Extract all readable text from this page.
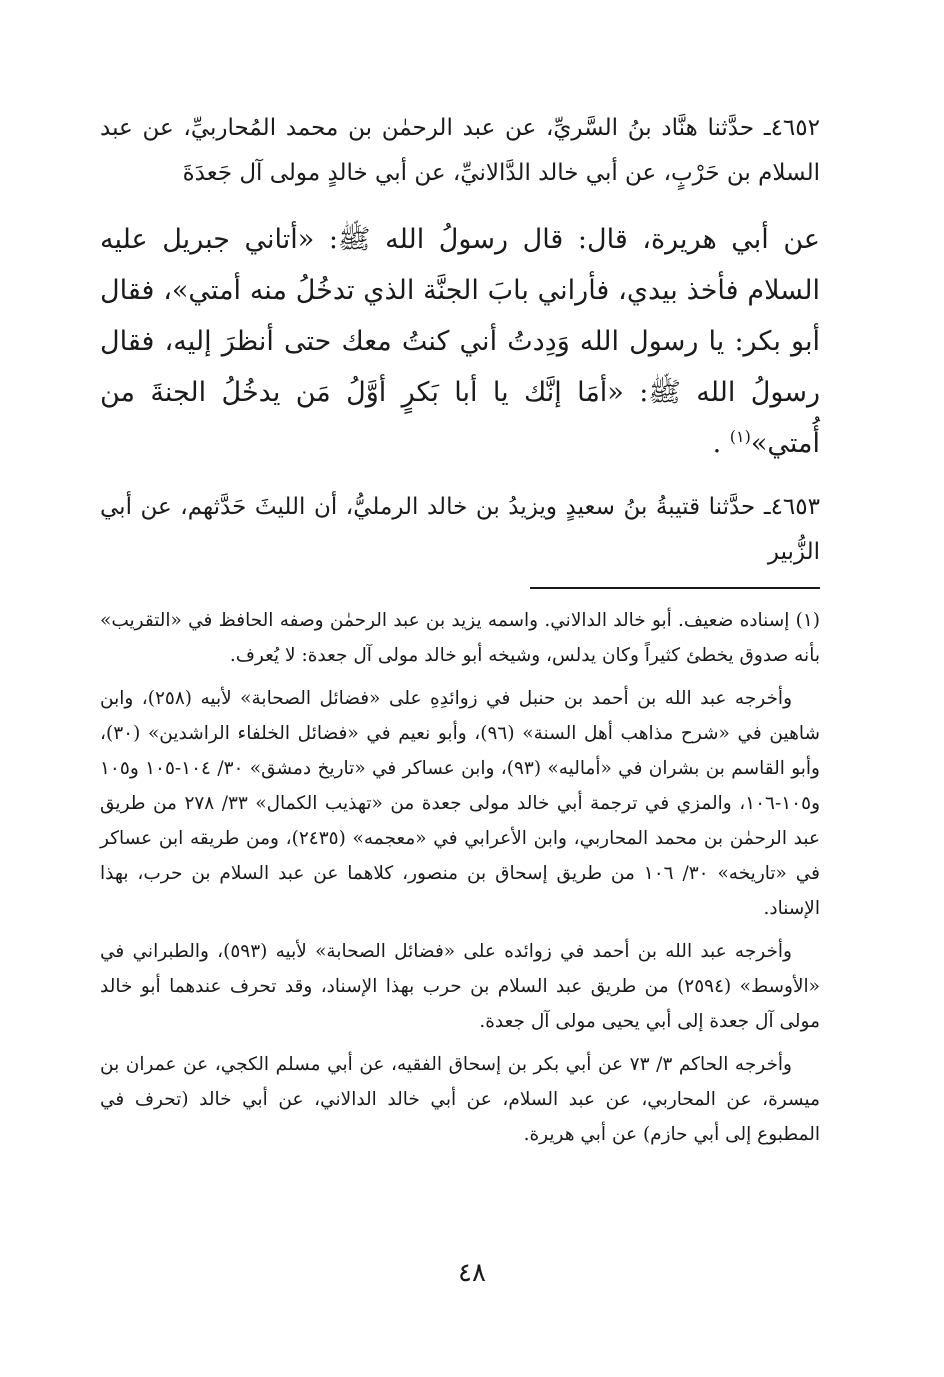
٤٦٥٢ـ حدَّثنا هنَّاد بنُ السَّريِّ، عن عبد الرحمٰن بن محمد المُحاربيِّ، عن عبد السلام بن حَرْبٍ، عن أبي خالد الدَّالانيِّ، عن أبي خالدٍ مولى آل جَعدَةَ

عن أبي هريرة، قال: قال رسولُ الله ﷺ: «أتاني جبريل عليه السلام فأخذ بيدي، فأراني بابَ الجنَّة الذي تدخُلُ منه أمتي»، فقال أبو بكر: يا رسول الله وَدِدتُ أني كنتُ معك حتى أنظرَ إليه، فقال رسولُ الله ﷺ: «أمَا إنَّك يا أبا بَكرٍ أوَّلُ مَن يدخُلُ الجنةَ من أُمتي»$^{(١)}$ .

٤٦٥٣ـ حدَّثنا قتيبةُ بنُ سعيدٍ ويزيدُ بن خالد الرمليُّ، أن الليثَ حَدَّثهم، عن أبي الزُّبير

(١) إسناده ضعيف. أبو خالد الدالاني. واسمه يزيد بن عبد الرحمٰن وصفه الحافظ في «التقريب» بأنه صدوق يخطئ كثيراً وكان يدلس، وشيخه أبو خالد مولى آل جعدة: لا يُعرف.

وأخرجه عبد الله بن أحمد بن حنبل في زوائدِهِ على «فضائل الصحابة» لأبيه (٢٥٨)، وابن شاهين في «شرح مذاهب أهل السنة» (٩٦)، وأبو نعيم في «فضائل الخلفاء الراشدين» (٣٠)، وأبو القاسم بن بشران في «أماليه» (٩٣)، وابن عساكر في «تاريخ دمشق» ٣٠/ ١٠٤-١٠٥ و١٠٥ و١٠٥-١٠٦، والمزي في ترجمة أبي خالد مولى جعدة من «تهذيب الكمال» ٣٣/ ٢٧٨ من طريق عبد الرحمٰن بن محمد المحاربي، وابن الأعرابي في «معجمه» (٢٤٣٥)، ومن طريقه ابن عساكر في «تاريخه» ٣٠/ ١٠٦ من طريق إسحاق بن منصور، كلاهما عن عبد السلام بن حرب، بهذا الإسناد.

وأخرجه عبد الله بن أحمد في زوائده على «فضائل الصحابة» لأبيه (٥٩٣)، والطبراني في «الأوسط» (٢٥٩٤) من طريق عبد السلام بن حرب بهذا الإسناد، وقد تحرف عندهما أبو خالد مولى آل جعدة إلى أبي يحيى مولى آل جعدة.

وأخرجه الحاكم ٣/ ٧٣ عن أبي بكر بن إسحاق الفقيه، عن أبي مسلم الكجي، عن عمران بن ميسرة، عن المحاربي، عن عبد السلام، عن أبي خالد الدالاني، عن أبي خالد (تحرف في المطبوع إلى أبي حازم) عن أبي هريرة.

٤٨
